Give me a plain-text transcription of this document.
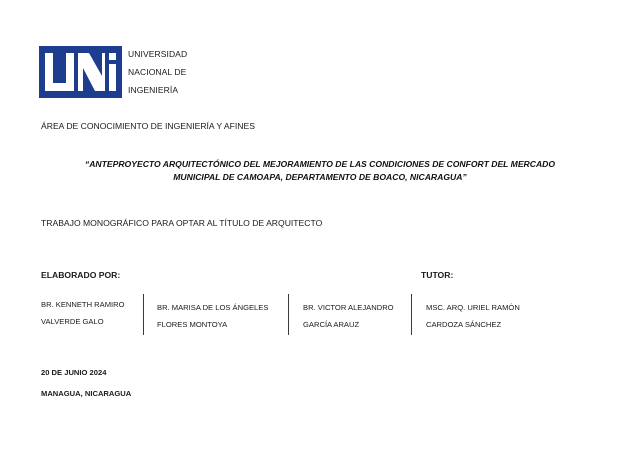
UNIVERSIDAD
NACIONAL DE
INGENIERÍA
ÁREA DE CONOCIMIENTO DE INGENIERÍA Y AFINES
“ANTEPROYECTO ARQUITECTÓNICO DEL MEJORAMIENTO DE LAS CONDICIONES DE CONFORT DEL MERCADO
MUNICIPAL DE CAMOAPA, DEPARTAMENTO DE BOACO, NICARAGUA”
TRABAJO MONOGRÁFICO PARA OPTAR AL TÍTULO DE ARQUITECTO
ELABORADO POR:	TUTOR:
BR. KENNETH RAMIRO
VALVERDE GALO
BR. MARISA DE LOS ÁNGELES
FLORES MONTOYA
BR. VICTOR ALEJANDRO
GARCÍA ARAUZ
MSC. ARQ. URIEL RAMÓN
CARDOZA SÁNCHEZ
20 DE JUNIO 2024
MANAGUA, NICARAGUA
